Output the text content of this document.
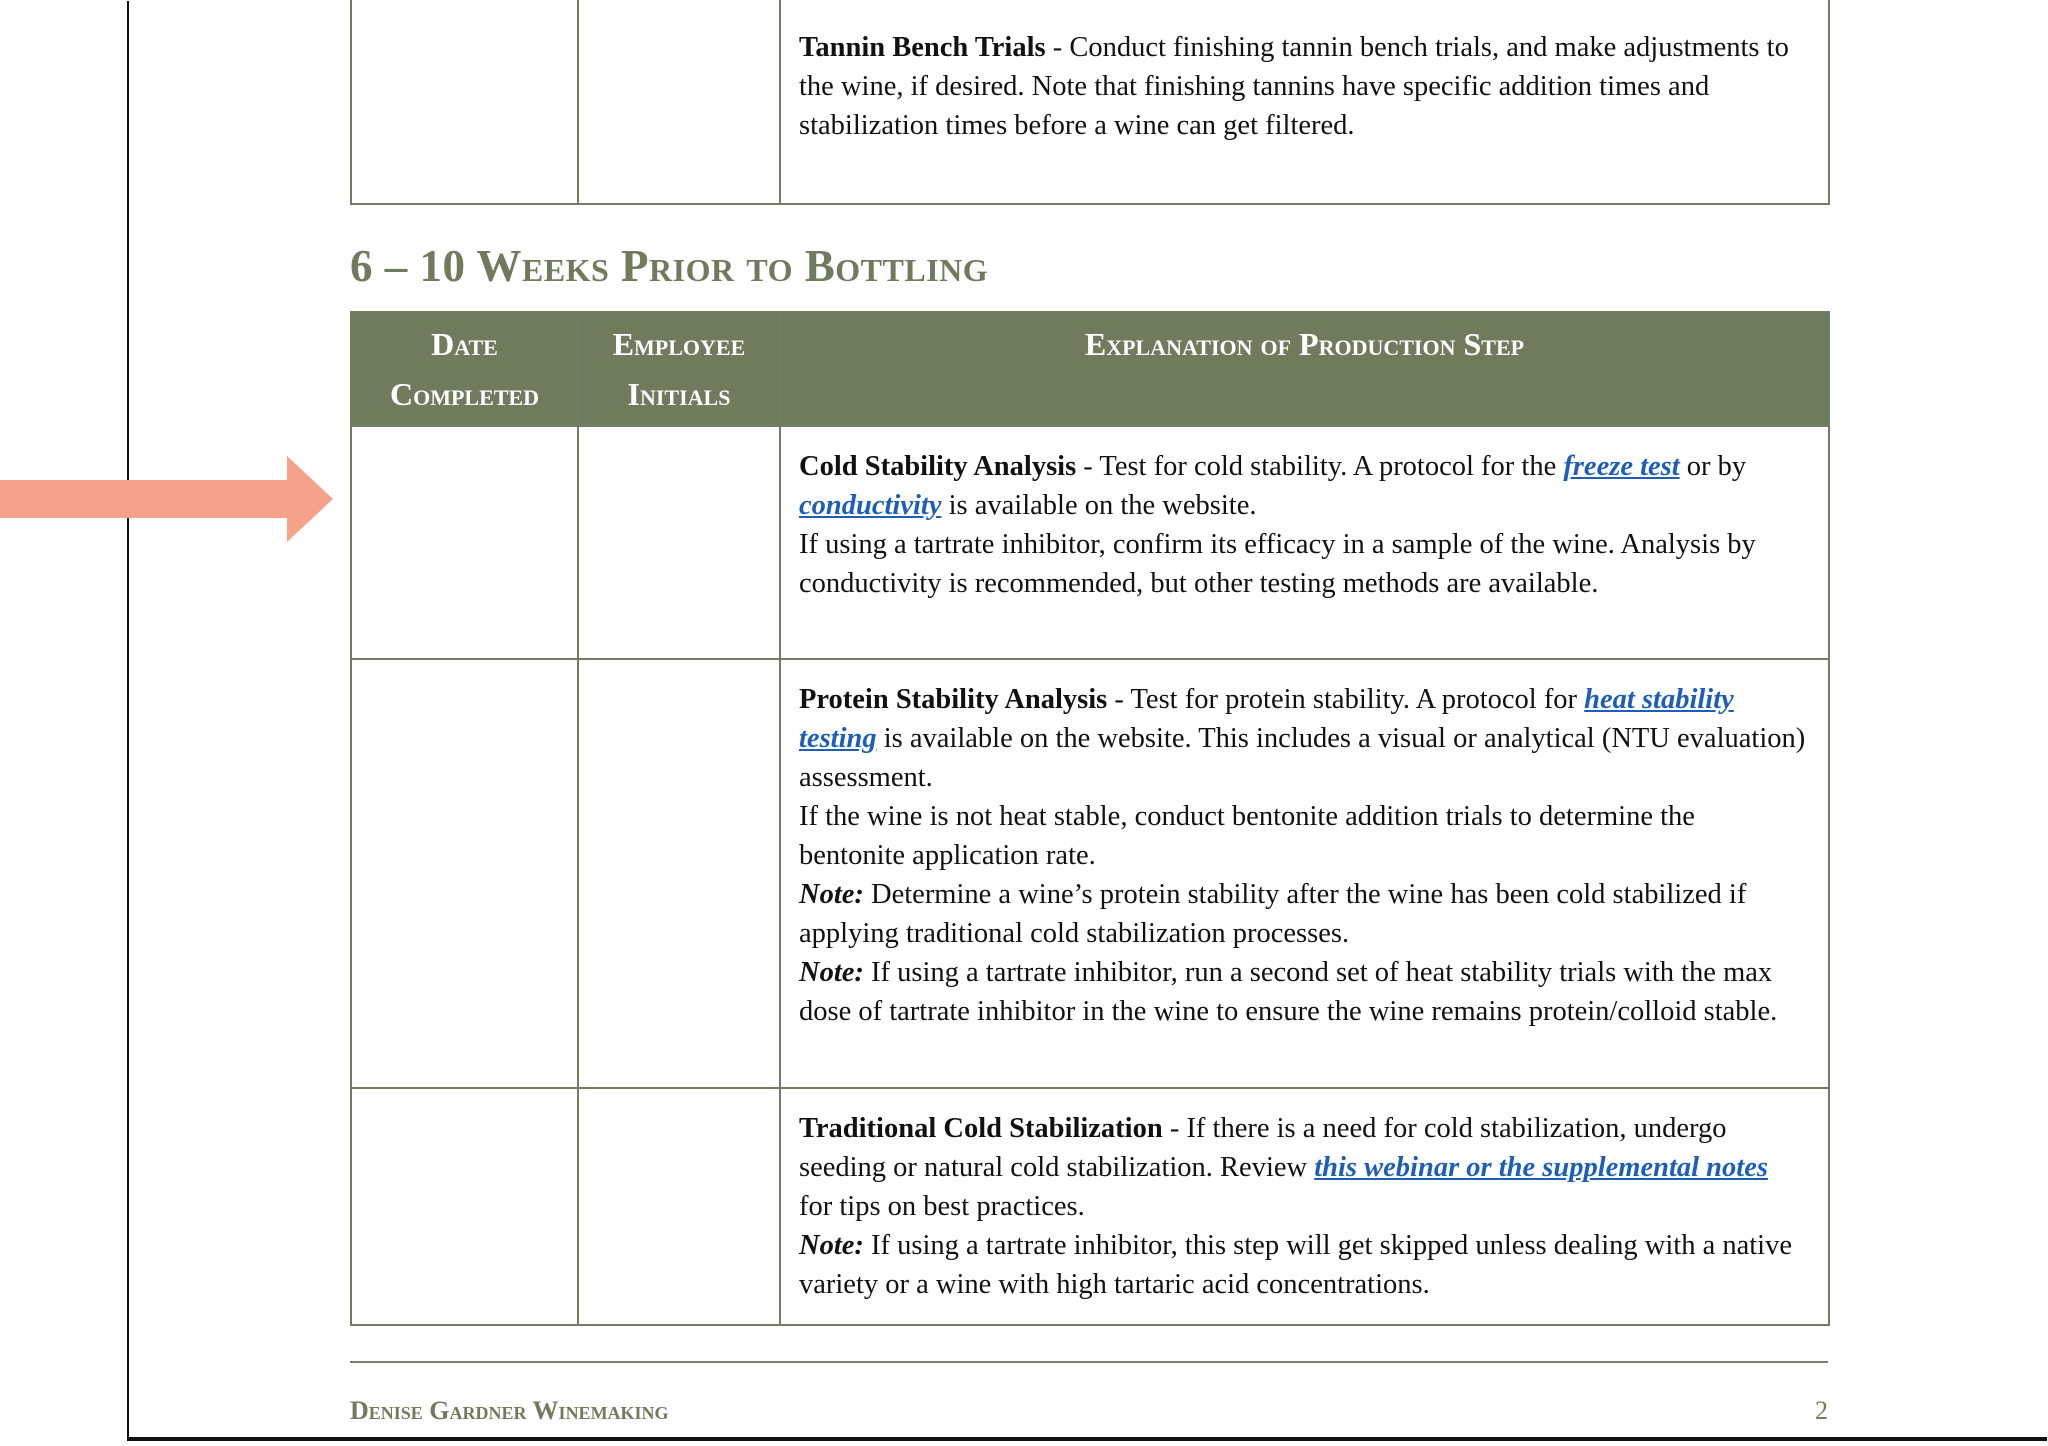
		Tannin Bench Trials - Conduct finishing tannin bench trials, and make adjustments to the wine, if desired. Note that finishing tannins have specific addition times and stabilization times before a wine can get filtered.
6 – 10 Weeks Prior to Bottling
Date Completed	Employee Initials	Explanation of Production Step
		Cold Stability Analysis - Test for cold stability. A protocol for the freeze test or by conductivity is available on the website.
If using a tartrate inhibitor, confirm its efficacy in a sample of the wine. Analysis by conductivity is recommended, but other testing methods are available.

		Protein Stability Analysis - Test for protein stability. A protocol for heat stability testing is available on the website. This includes a visual or analytical (NTU evaluation) assessment.
If the wine is not heat stable, conduct bentonite addition trials to determine the bentonite application rate.
Note: Determine a wine’s protein stability after the wine has been cold stabilized if applying traditional cold stabilization processes.
Note: If using a tartrate inhibitor, run a second set of heat stability trials with the max dose of tartrate inhibitor in the wine to ensure the wine remains protein/colloid stable.

		Traditional Cold Stabilization - If there is a need for cold stabilization, undergo seeding or natural cold stabilization. Review this webinar or the supplemental notes for tips on best practices.
Note: If using a tartrate inhibitor, this step will get skipped unless dealing with a native variety or a wine with high tartaric acid concentrations.
Denise Gardner Winemaking	2
